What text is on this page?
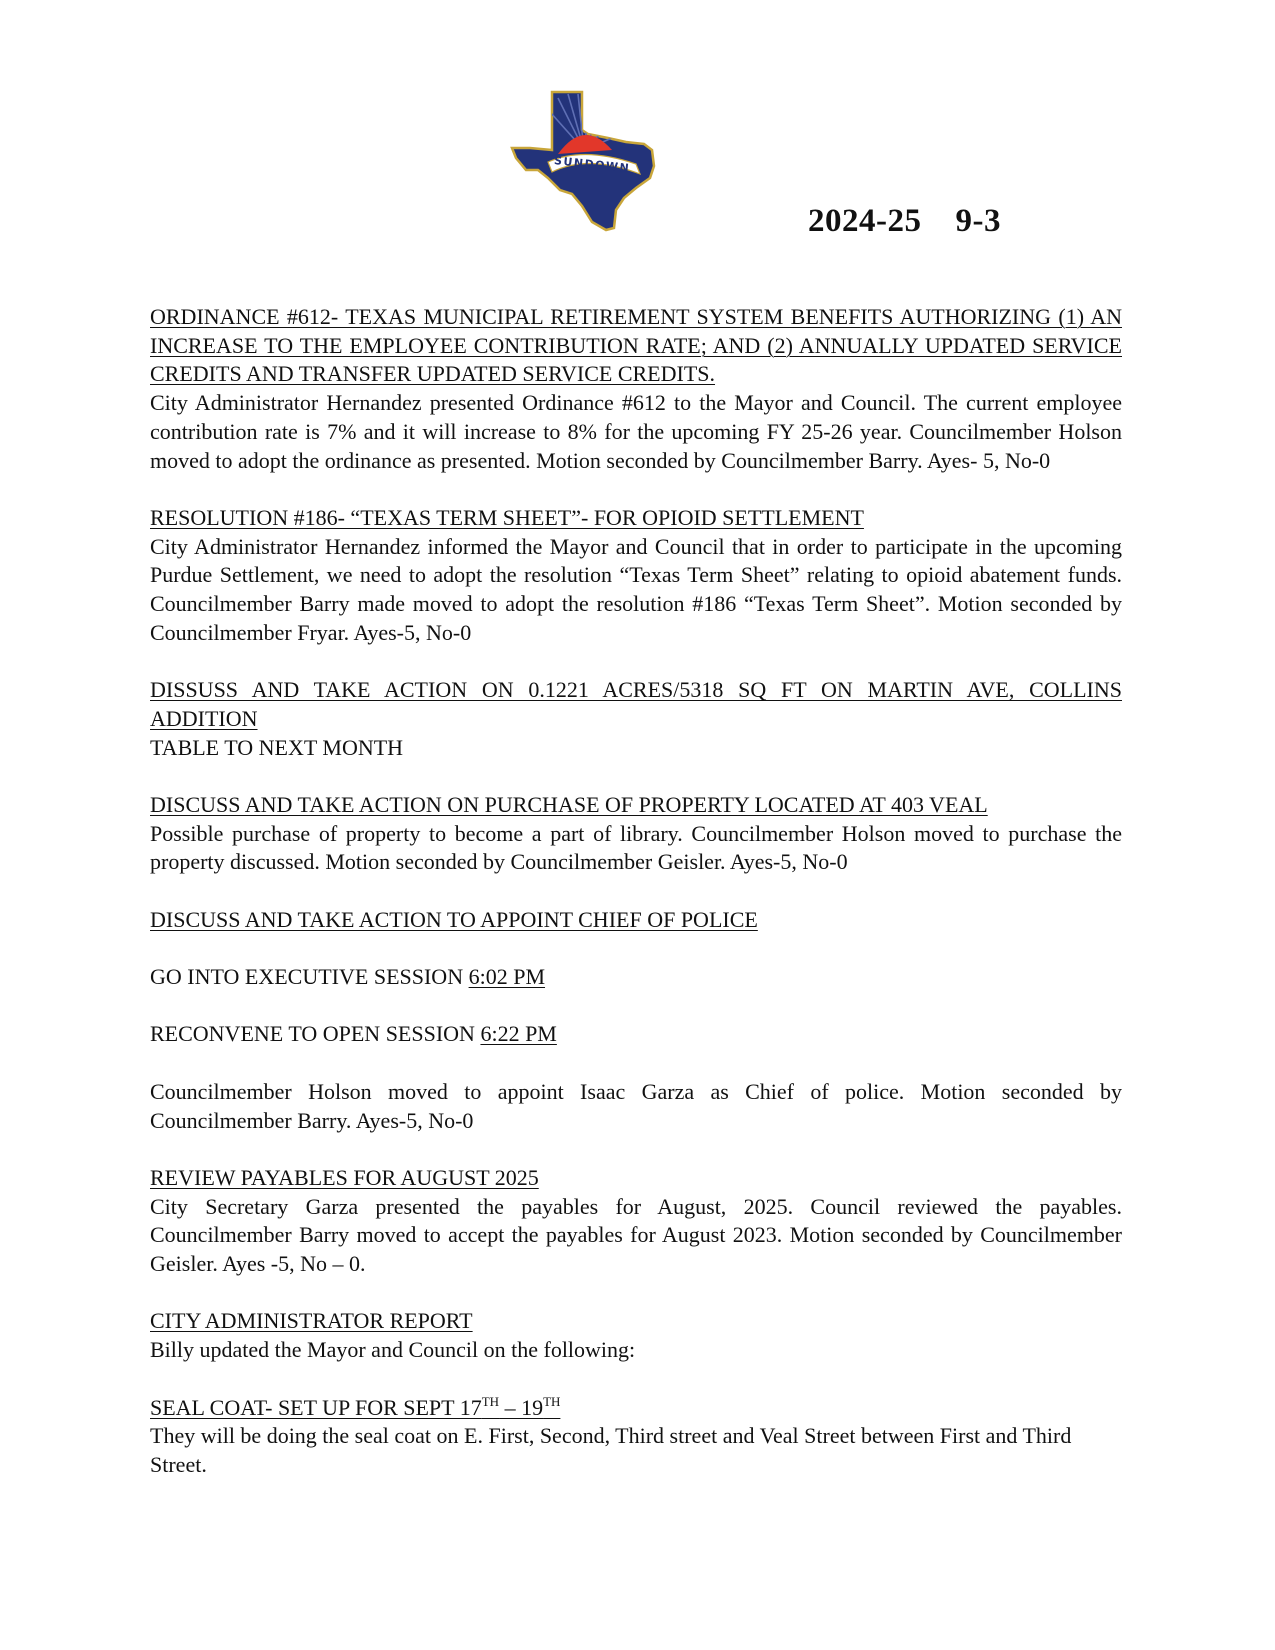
SUNDOWN
2024-25 9-3

ORDINANCE #612- TEXAS MUNICIPAL RETIREMENT SYSTEM BENEFITS AUTHORIZING (1) AN INCREASE TO THE EMPLOYEE CONTRIBUTION RATE; AND (2) ANNUALLY UPDATED SERVICE CREDITS AND TRANSFER UPDATED SERVICE CREDITS.

City Administrator Hernandez presented Ordinance #612 to the Mayor and Council. The current employee contribution rate is 7% and it will increase to 8% for the upcoming FY 25-26 year. Councilmember Holson moved to adopt the ordinance as presented. Motion seconded by Councilmember Barry. Ayes- 5, No-0

RESOLUTION #186- “TEXAS TERM SHEET”- FOR OPIOID SETTLEMENT

City Administrator Hernandez informed the Mayor and Council that in order to participate in the upcoming Purdue Settlement, we need to adopt the resolution “Texas Term Sheet” relating to opioid abatement funds. Councilmember Barry made moved to adopt the resolution #186 “Texas Term Sheet”. Motion seconded by Councilmember Fryar. Ayes-5, No-0

DISSUSS AND TAKE ACTION ON 0.1221 ACRES/5318 SQ FT ON MARTIN AVE, COLLINS ADDITION

TABLE TO NEXT MONTH

DISCUSS AND TAKE ACTION ON PURCHASE OF PROPERTY LOCATED AT 403 VEAL

Possible purchase of property to become a part of library. Councilmember Holson moved to purchase the property discussed. Motion seconded by Councilmember Geisler. Ayes-5, No-0

DISCUSS AND TAKE ACTION TO APPOINT CHIEF OF POLICE

GO INTO EXECUTIVE SESSION 6:02 PM

RECONVENE TO OPEN SESSION 6:22 PM

Councilmember Holson moved to appoint Isaac Garza as Chief of police. Motion seconded by Councilmember Barry. Ayes-5, No-0

REVIEW PAYABLES FOR AUGUST 2025

City Secretary Garza presented the payables for August, 2025. Council reviewed the payables. Councilmember Barry moved to accept the payables for August 2023. Motion seconded by Councilmember Geisler. Ayes -5, No – 0.

CITY ADMINISTRATOR REPORT

Billy updated the Mayor and Council on the following:

SEAL COAT- SET UP FOR SEPT 17TH – 19TH

They will be doing the seal coat on E. First, Second, Third street and Veal Street between First and Third Street.
